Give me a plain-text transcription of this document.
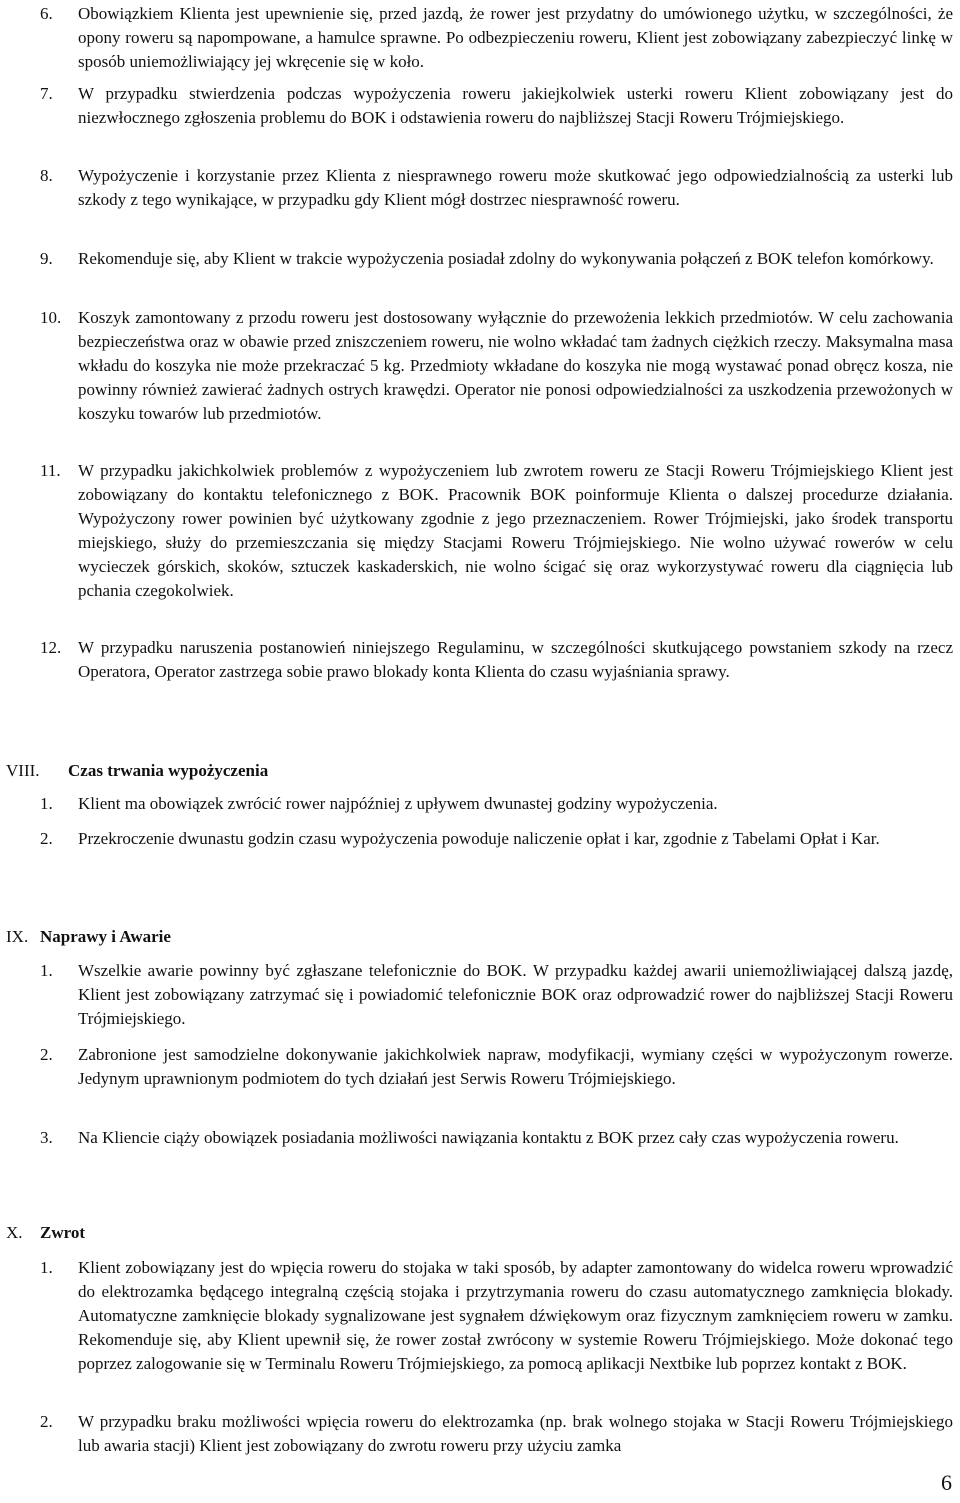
6. Obowiązkiem Klienta jest upewnienie się, przed jazdą, że rower jest przydatny do umówionego użytku, w szczególności, że opony roweru są napompowane, a hamulce sprawne. Po odbezpieczeniu roweru, Klient jest zobowiązany zabezpieczyć linkę w sposób uniemożliwiający jej wkręcenie się w koło.
7. W przypadku stwierdzenia podczas wypożyczenia roweru jakiejkolwiek usterki roweru Klient zobowiązany jest do niezwłocznego zgłoszenia problemu do BOK i odstawienia roweru do najbliższej Stacji Roweru Trójmiejskiego.
8. Wypożyczenie i korzystanie przez Klienta z niesprawnego roweru może skutkować jego odpowiedzialnością za usterki lub szkody z tego wynikające, w przypadku gdy Klient mógł dostrzec niesprawność roweru.
9. Rekomenduje się, aby Klient w trakcie wypożyczenia posiadał zdolny do wykonywania połączeń z BOK telefon komórkowy.
10. Koszyk zamontowany z przodu roweru jest dostosowany wyłącznie do przewożenia lekkich przedmiotów. W celu zachowania bezpieczeństwa oraz w obawie przed zniszczeniem roweru, nie wolno wkładać tam żadnych ciężkich rzeczy. Maksymalna masa wkładu do koszyka nie może przekraczać 5 kg. Przedmioty wkładane do koszyka nie mogą wystawać ponad obręcz kosza, nie powinny również zawierać żadnych ostrych krawędzi. Operator nie ponosi odpowiedzialności za uszkodzenia przewożonych w koszyku towarów lub przedmiotów.
11. W przypadku jakichkolwiek problemów z wypożyczeniem lub zwrotem roweru ze Stacji Roweru Trójmiejskiego Klient jest zobowiązany do kontaktu telefonicznego z BOK. Pracownik BOK poinformuje Klienta o dalszej procedurze działania. Wypożyczony rower powinien być użytkowany zgodnie z jego przeznaczeniem. Rower Trójmiejski, jako środek transportu miejskiego, służy do przemieszczania się między Stacjami Roweru Trójmiejskiego. Nie wolno używać rowerów w celu wycieczek górskich, skoków, sztuczek kaskaderskich, nie wolno ścigać się oraz wykorzystywać roweru dla ciągnięcia lub pchania czegokolwiek.
12. W przypadku naruszenia postanowień niniejszego Regulaminu, w szczególności skutkującego powstaniem szkody na rzecz Operatora, Operator zastrzega sobie prawo blokady konta Klienta do czasu wyjaśniania sprawy.
VIII. Czas trwania wypożyczenia
1. Klient ma obowiązek zwrócić rower najpóźniej z upływem dwunastej godziny wypożyczenia.
2. Przekroczenie dwunastu godzin czasu wypożyczenia powoduje naliczenie opłat i kar, zgodnie z Tabelami Opłat i Kar.
IX. Naprawy i Awarie
1. Wszelkie awarie powinny być zgłaszane telefonicznie do BOK. W przypadku każdej awarii uniemożliwiającej dalszą jazdę, Klient jest zobowiązany zatrzymać się i powiadomić telefonicznie BOK oraz odprowadzić rower do najbliższej Stacji Roweru Trójmiejskiego.
2. Zabronione jest samodzielne dokonywanie jakichkolwiek napraw, modyfikacji, wymiany części w wypożyczonym rowerze. Jedynym uprawnionym podmiotem do tych działań jest Serwis Roweru Trójmiejskiego.
3. Na Kliencie ciąży obowiązek posiadania możliwości nawiązania kontaktu z BOK przez cały czas wypożyczenia roweru.
X. Zwrot
1. Klient zobowiązany jest do wpięcia roweru do stojaka w taki sposób, by adapter zamontowany do widelca roweru wprowadzić do elektrozamka będącego integralną częścią stojaka i przytrzymania roweru do czasu automatycznego zamknięcia blokady. Automatyczne zamknięcie blokady sygnalizowane jest sygnałem dźwiękowym oraz fizycznym zamknięciem roweru w zamku. Rekomenduje się, aby Klient upewnił się, że rower został zwrócony w systemie Roweru Trójmiejskiego. Może dokonać tego poprzez zalogowanie się w Terminalu Roweru Trójmiejskiego, za pomocą aplikacji Nextbike lub poprzez kontakt z BOK.
2. W przypadku braku możliwości wpięcia roweru do elektrozamka (np. brak wolnego stojaka w Stacji Roweru Trójmiejskiego lub awaria stacji) Klient jest zobowiązany do zwrotu roweru przy użyciu zamka
6
